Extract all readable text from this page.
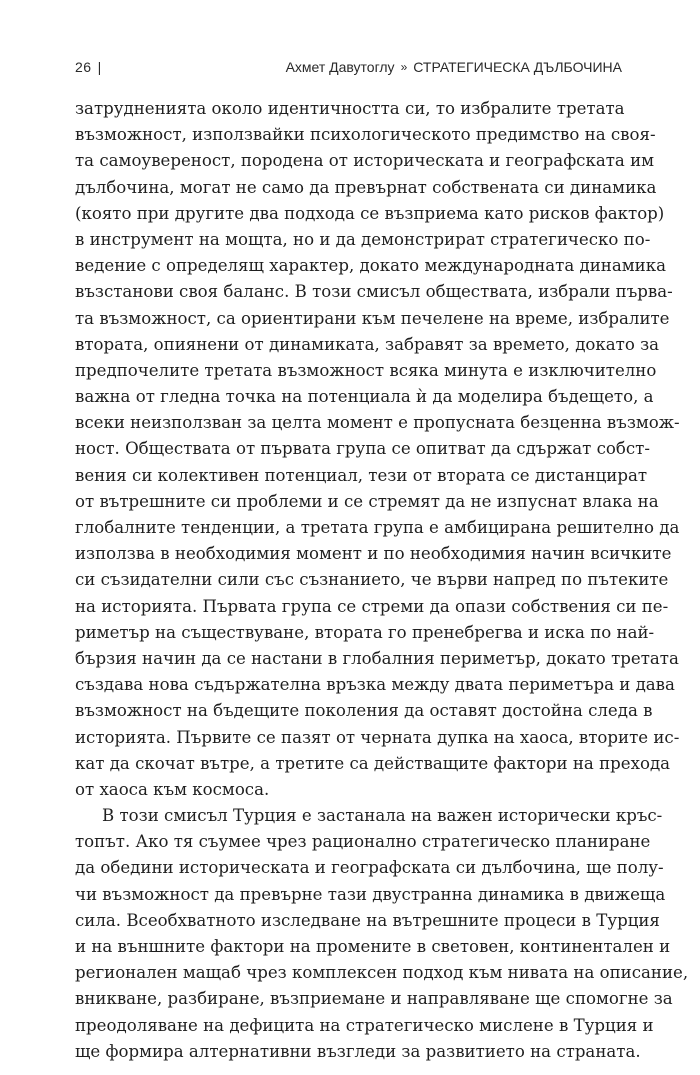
26 |	Ахмет Давутоглу » СТРАТЕГИЧЕСКА ДЪЛБОЧИНА
затрудненията около идентичността си, то избралите третата
възможност, използвайки психологическото предимство на своя-
та самоувереност, породена от историческата и географската им
дълбочина, могат не само да превърнат собствената си динамика
(която при другите два подхода се възприема като рисков фактор)
в инструмент на мощта, но и да демонстрират стратегическо по-
ведение с определящ характер, докато международната динамика
възстанови своя баланс. В този смисъл обществата, избрали първа-
та възможност, са ориентирани към печелене на време, избралите
втората, опиянени от динамиката, забравят за времето, докато за
предпочелите третата възможност всяка минута е изключително
важна от гледна точка на потенциала ѝ да моделира бъдещето, а
всеки неизползван за целта момент е пропусната безценна възмож-
ност. Обществата от първата група се опитват да сдържат собст-
вения си колективен потенциал, тези от втората се дистанцират
от вътрешните си проблеми и се стремят да не изпуснат влака на
глобалните тенденции, а третата група е амбицирана решително да
използва в необходимия момент и по необходимия начин всичките
си съзидателни сили със съзнанието, че върви напред по пътеките
на историята. Първата група се стреми да опази собствения си пе-
риметър на съществуване, втората го пренебрегва и иска по най-
бързия начин да се настани в глобалния периметър, докато третата
създава нова съдържателна връзка между двата периметъра и дава
възможност на бъдещите поколения да оставят достойна следа в
историята. Първите се пазят от черната дупка на хаоса, вторите ис-
кат да скочат вътре, а третите са действащите фактори на прехода
от хаоса към космоса.
В този смисъл Турция е застанала на важен исторически кръс-
топът. Ако тя съумее чрез рационално стратегическо планиране
да обедини историческата и географската си дълбочина, ще полу-
чи възможност да превърне тази двустранна динамика в движеща
сила. Всеобхватното изследване на вътрешните процеси в Турция
и на външните фактори на промените в световен, континентален и
регионален мащаб чрез комплексен подход към нивата на описание,
вникване, разбиране, възприемане и направляване ще спомогне за
преодоляване на дефицита на стратегическо мислене в Турция и
ще формира алтернативни възгледи за развитието на страната.
